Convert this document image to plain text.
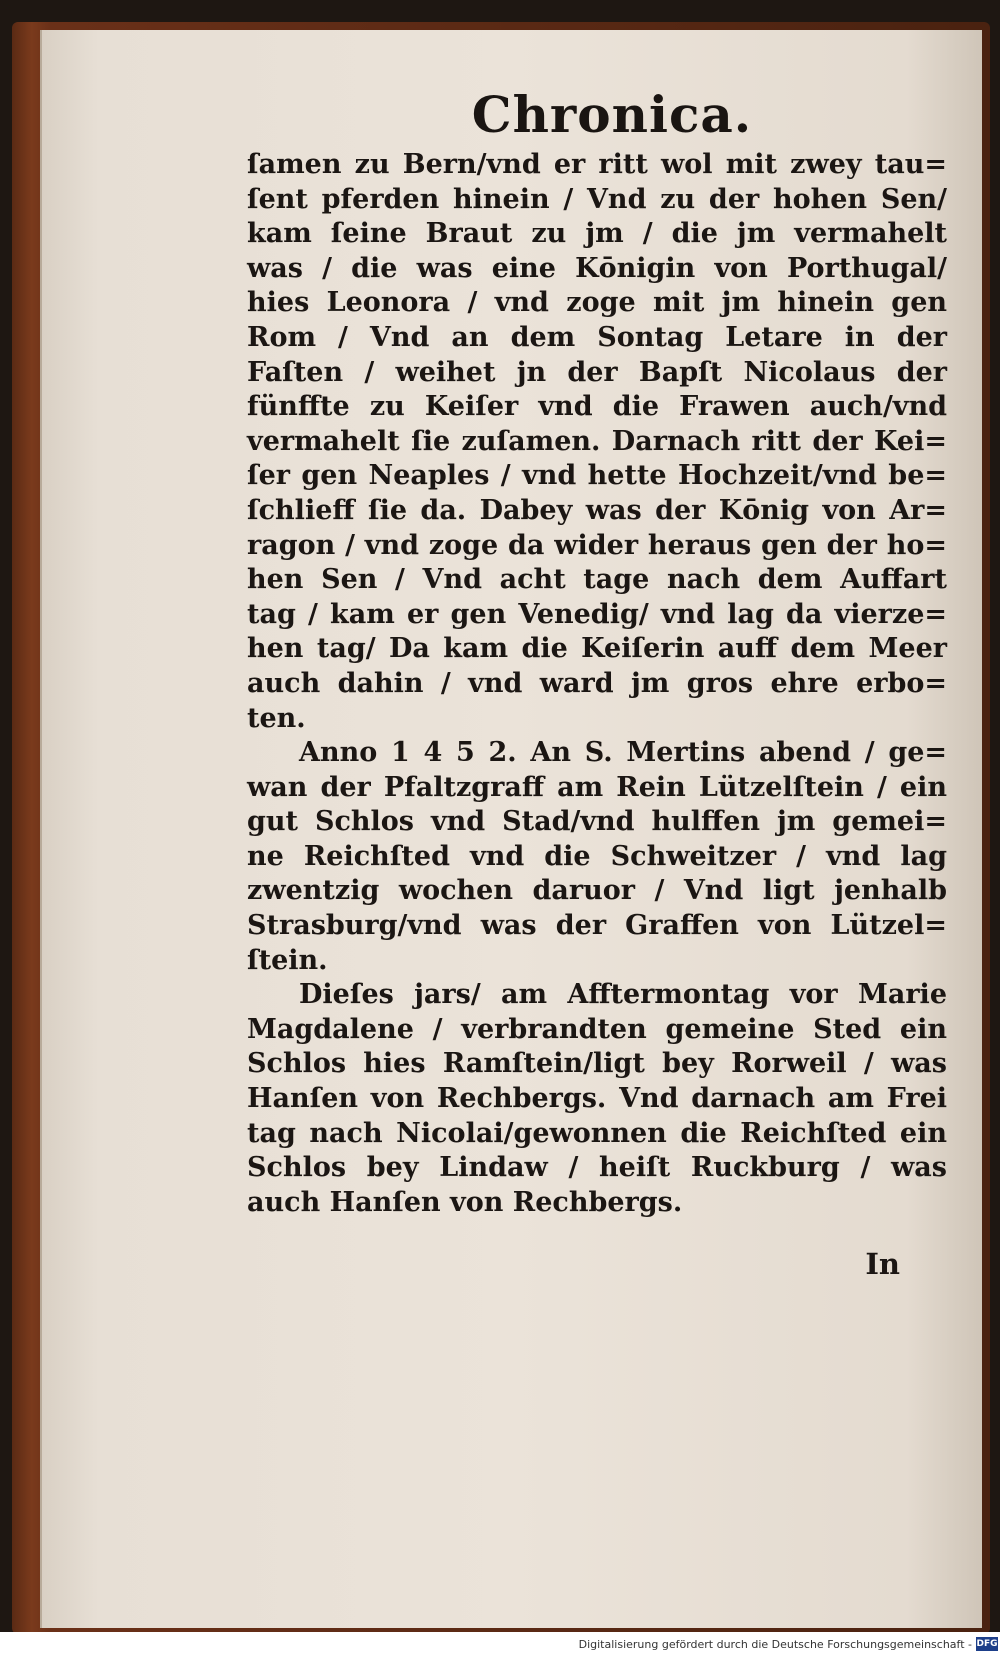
Chronica.
ſamen zu Bern/vnd er ritt wol mit zwey tau=
ſent pferden hinein / Vnd zu der hohen Sen/
kam ſeine Braut zu jm / die jm vermahelt
was / die was eine Kōnigin von Porthugal/
hies Leonora / vnd zoge mit jm hinein gen
Rom / Vnd an dem Sontag Letare in der
Faſten / weihet jn der Bapſt Nicolaus der
fünffte zu Keiſer vnd die Frawen auch/vnd
vermahelt ſie zuſamen. Darnach ritt der Kei=
ſer gen Neaples / vnd hette Hochzeit/vnd be=
ſchlieff ſie da. Dabey was der Kōnig von Ar=
ragon / vnd zoge da wider heraus gen der ho=
hen Sen / Vnd acht tage nach dem Auffart
tag / kam er gen Venedig/ vnd lag da vierze=
hen tag/ Da kam die Keiſerin auff dem Meer
auch dahin / vnd ward jm gros ehre erbo=
ten.
Anno 1 4 5 2. An S. Mertins abend / ge=
wan der Pfaltzgraff am Rein Lützelſtein / ein
gut Schlos vnd Stad/vnd hulffen jm gemei=
ne Reichſted vnd die Schweitzer / vnd lag
zwentzig wochen daruor / Vnd ligt jenhalb
Strasburg/vnd was der Graffen von Lützel=
ſtein.
Dieſes jars/ am Afftermontag vor Marie
Magdalene / verbrandten gemeine Sted ein
Schlos hies Ramſtein/ligt bey Rorweil / was
Hanſen von Rechbergs. Vnd darnach am Frei
tag nach Nicolai/gewonnen die Reichſted ein
Schlos bey Lindaw / heiſt Ruckburg / was
auch Hanſen von Rechbergs.
In
Digitalisierung gefördert durch die Deutsche Forschungsgemeinschaft - DFG
